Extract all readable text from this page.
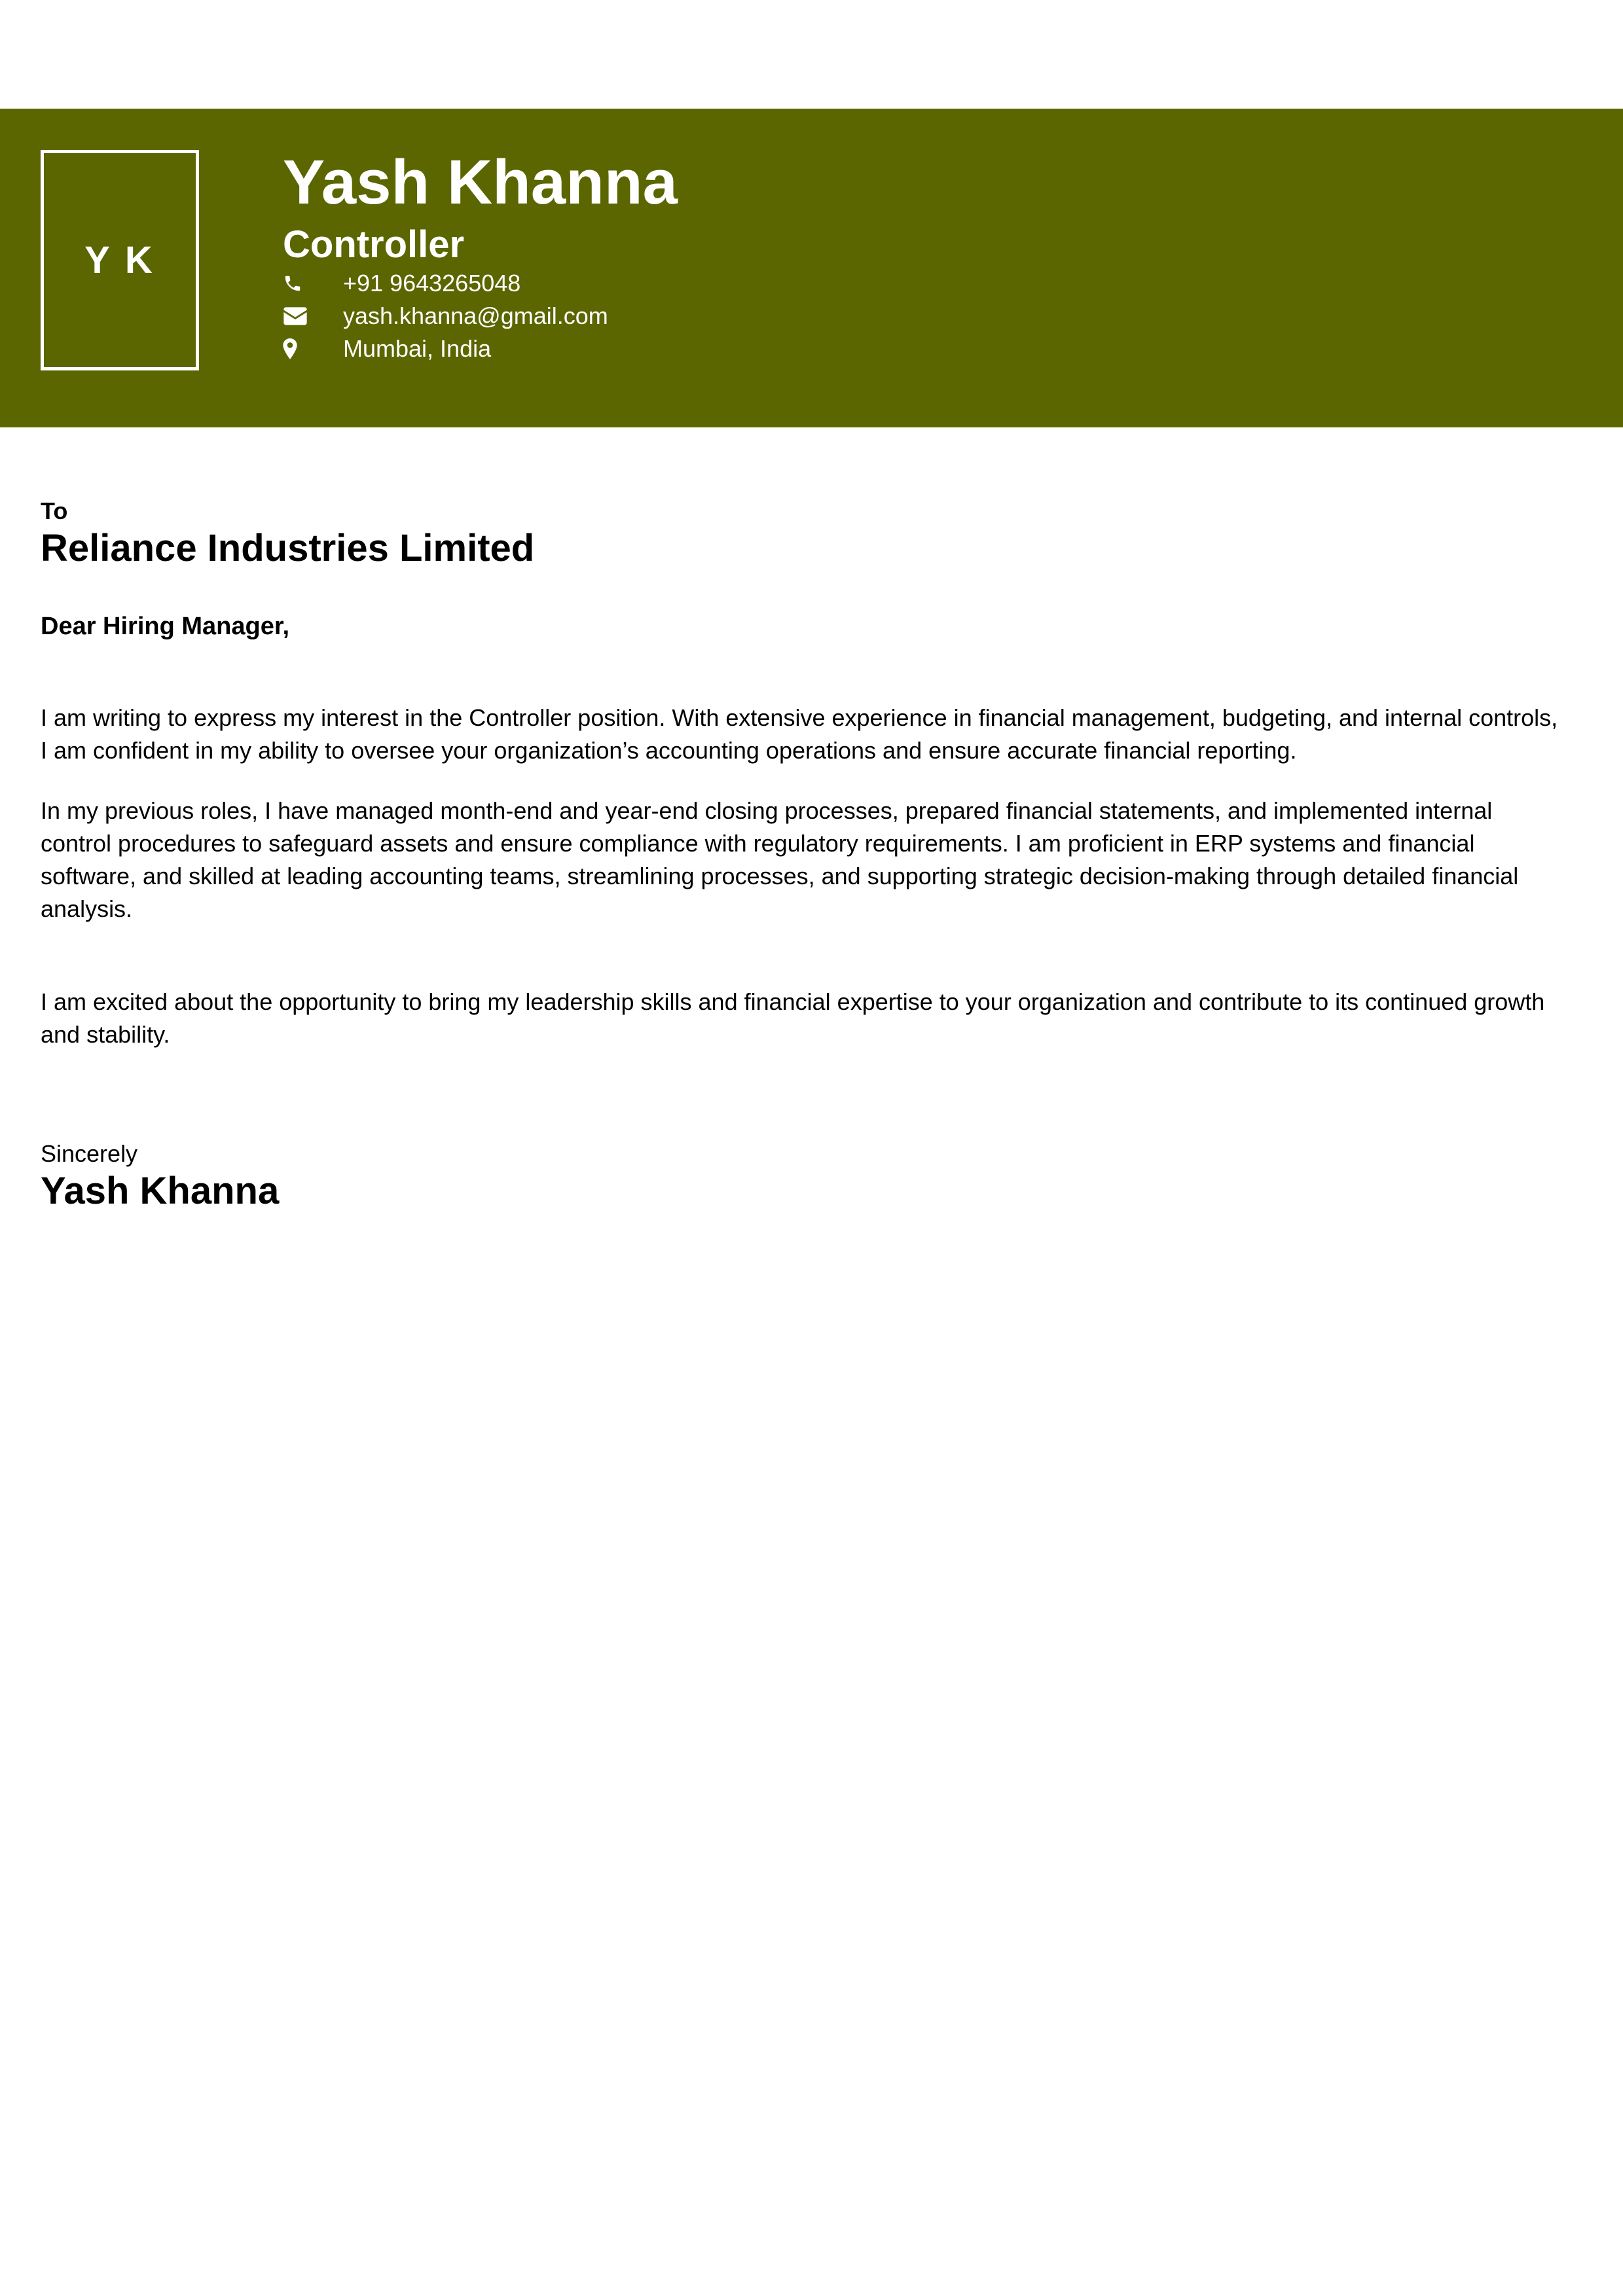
Y K
Yash Khanna
Controller
+91 9643265048
yash.khanna@gmail.com
Mumbai, India
To
Reliance Industries Limited
Dear Hiring Manager,

I am writing to express my interest in the Controller position. With extensive experience in financial management, budgeting, and internal controls, I am confident in my ability to oversee your organization’s accounting operations and ensure accurate financial reporting.

In my previous roles, I have managed month-end and year-end closing processes, prepared financial statements, and implemented internal control procedures to safeguard assets and ensure compliance with regulatory requirements. I am proficient in ERP systems and financial software, and skilled at leading accounting teams, streamlining processes, and supporting strategic decision-making through detailed financial analysis.

I am excited about the opportunity to bring my leadership skills and financial expertise to your organization and contribute to its continued growth and stability.

Sincerely
Yash Khanna
